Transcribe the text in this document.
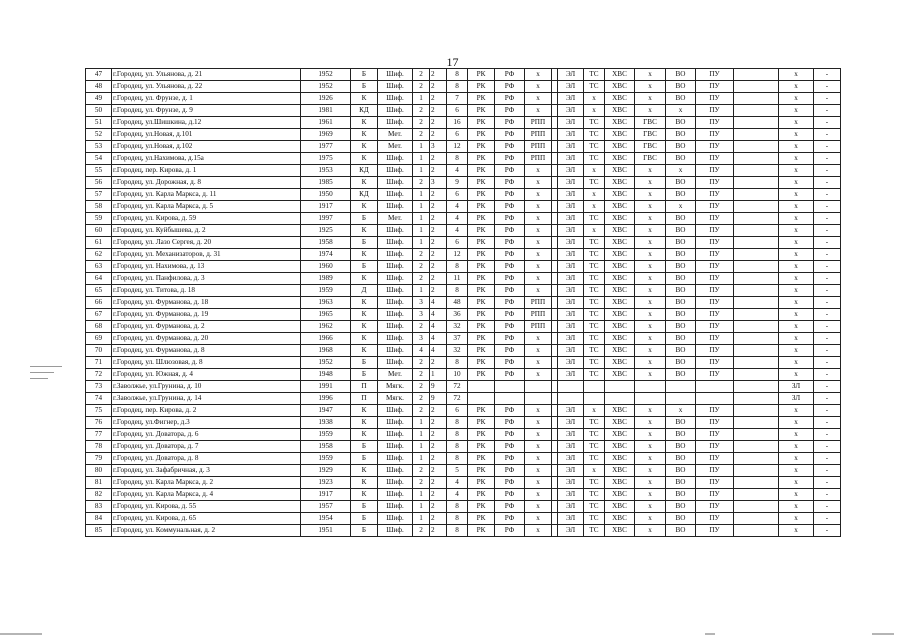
17
47	г.Городец, ул. Ульянова, д. 21	1952	Б	Шиф.	2	2	8	РК	РФ	х		ЭЛ	ТС	ХВС	х	ВО	ПУ		х	-
48	г.Городец, ул. Ульянова, д. 22	1952	Б	Шиф.	2	2	8	РК	РФ	х		ЭЛ	ТС	ХВС	х	ВО	ПУ		х	-
49	г.Городец, ул. Фрунзе, д. 1	1926	К	Шиф.	1	2	7	РК	РФ	х		ЭЛ	х	ХВС	х	ВО	ПУ		х	-
50	г.Городец, ул. Фрунзе, д. 9	1981	КД	Шиф.	2	2	6	РК	РФ	х		ЭЛ	х	ХВС	х	х	ПУ		х	-
51	г.Городец, ул.Шишкина, д.12	1961	К	Шиф.	2	2	16	РК	РФ	РПП		ЭЛ	ТС	ХВС	ГВС	ВО	ПУ		х	-
52	г.Городец, ул.Новая, д.101	1969	К	Мет.	2	2	6	РК	РФ	РПП		ЭЛ	ТС	ХВС	ГВС	ВО	ПУ		х	-
53	г.Городец, ул.Новая, д.102	1977	К	Мет.	1	3	12	РК	РФ	РПП		ЭЛ	ТС	ХВС	ГВС	ВО	ПУ		х	-
54	г.Городец, ул.Нахимова, д.15а	1975	К	Шиф.	1	2	8	РК	РФ	РПП		ЭЛ	ТС	ХВС	ГВС	ВО	ПУ		х	-
55	г.Городец, пер. Кирова, д. 1	1953	КД	Шиф.	1	2	4	РК	РФ	х		ЭЛ	х	ХВС	х	х	ПУ		х	-
56	г.Городец, ул. Дорожная, д. 8	1985	К	Шиф.	2	3	9	РК	РФ	х		ЭЛ	ТС	ХВС	х	ВО	ПУ		х	-
57	г.Городец, ул. Карла Маркса, д. 11	1950	КД	Шиф.	1	2	6	РК	РФ	х		ЭЛ	х	ХВС	х	ВО	ПУ		х	-
58	г.Городец, ул. Карла Маркса, д. 5	1917	К	Шиф.	1	2	4	РК	РФ	х		ЭЛ	х	ХВС	х	х	ПУ		х	-
59	г.Городец, ул. Кирова, д. 59	1997	Б	Мет.	1	2	4	РК	РФ	х		ЭЛ	ТС	ХВС	х	ВО	ПУ		х	-
60	г.Городец, ул. Куйбышева, д. 2	1925	К	Шиф.	1	2	4	РК	РФ	х		ЭЛ	х	ХВС	х	ВО	ПУ		х	-
61	г.Городец, ул. Лазо Сергея, д. 20	1958	Б	Шиф.	1	2	6	РК	РФ	х		ЭЛ	ТС	ХВС	х	ВО	ПУ		х	-
62	г.Городец, ул. Механизаторов, д. 31	1974	К	Шиф.	2	2	12	РК	РФ	х		ЭЛ	ТС	ХВС	х	ВО	ПУ		х	-
63	г.Городец, ул. Нахимова, д. 13	1960	Б	Шиф.	2	2	8	РК	РФ	х		ЭЛ	ТС	ХВС	х	ВО	ПУ		х	-
64	г.Городец, ул. Панфилова, д. 3	1989	К	Шиф.	2	2	11	РК	РФ	х		ЭЛ	ТС	ХВС	х	ВО	ПУ		х	-
65	г.Городец, ул. Титова, д. 18	1959	Д	Шиф.	1	2	8	РК	РФ	х		ЭЛ	ТС	ХВС	х	ВО	ПУ		х	-
66	г.Городец, ул. Фурманова, д. 18	1963	К	Шиф.	3	4	48	РК	РФ	РПП		ЭЛ	ТС	ХВС	х	ВО	ПУ		х	-
67	г.Городец, ул. Фурманова, д. 19	1965	К	Шиф.	3	4	36	РК	РФ	РПП		ЭЛ	ТС	ХВС	х	ВО	ПУ		х	-
68	г.Городец, ул. Фурманова, д. 2	1962	К	Шиф.	2	4	32	РК	РФ	РПП		ЭЛ	ТС	ХВС	х	ВО	ПУ		х	-
69	г.Городец, ул. Фурманова, д. 20	1966	К	Шиф.	3	4	37	РК	РФ	х		ЭЛ	ТС	ХВС	х	ВО	ПУ		х	-
70	г.Городец, ул. Фурманова, д. 8	1968	К	Шиф.	4	4	32	РК	РФ	х		ЭЛ	ТС	ХВС	х	ВО	ПУ		х	-
71	г.Городец, ул. Шлюзовая, д. 8	1952	Б	Шиф.	2	2	8	РК	РФ	х		ЭЛ	ТС	ХВС	х	ВО	ПУ		х	-
72	г.Городец, ул. Южная, д. 4	1948	Б	Мет.	2	1	10	РК	РФ	х		ЭЛ	ТС	ХВС	х	ВО	ПУ		х	-
73	г.Заволжье, ул.Грунина, д. 10	1991	П	Мягк.	2	9	72												ЗЛ	-
74	г.Заволжье, ул.Грунина, д. 14	1996	П	Мягк.	2	9	72												ЗЛ	-
75	г.Городец, пер. Кирова, д. 2	1947	К	Шиф.	2	2	6	РК	РФ	х		ЭЛ	х	ХВС	х	х	ПУ		х	-
76	г.Городец, ул.Фигнер, д.3	1938	К	Шиф.	1	2	8	РК	РФ	х		ЭЛ	ТС	ХВС	х	ВО	ПУ		х	-
77	г.Городец, ул. Доватора, д. 6	1959	К	Шиф.	1	2	8	РК	РФ	х		ЭЛ	ТС	ХВС	х	ВО	ПУ		х	-
78	г.Городец, ул. Доватора, д. 7	1958	Б	Шиф.	1	2	8	РК	РФ	х		ЭЛ	ТС	ХВС	х	ВО	ПУ		х	-
79	г.Городец, ул. Доватора, д. 8	1959	Б	Шиф.	1	2	8	РК	РФ	х		ЭЛ	ТС	ХВС	х	ВО	ПУ		х	-
80	г.Городец, ул. Зафабричная, д. 3	1929	К	Шиф.	2	2	5	РК	РФ	х		ЭЛ	х	ХВС	х	ВО	ПУ		х	-
81	г.Городец, ул. Карла Маркса, д. 2	1923	К	Шиф.	2	2	4	РК	РФ	х		ЭЛ	ТС	ХВС	х	ВО	ПУ		х	-
82	г.Городец, ул. Карла Маркса, д. 4	1917	К	Шиф.	1	2	4	РК	РФ	х		ЭЛ	ТС	ХВС	х	ВО	ПУ		х	-
83	г.Городец, ул. Кирова, д. 55	1957	Б	Шиф.	1	2	8	РК	РФ	х		ЭЛ	ТС	ХВС	х	ВО	ПУ		х	-
84	г.Городец, ул. Кирова, д. 65	1954	Б	Шиф.	1	2	8	РК	РФ	х		ЭЛ	ТС	ХВС	х	ВО	ПУ		х	-
85	г.Городец, ул. Коммунальная, д. 2	1951	Б	Шиф.	2	2	8	РК	РФ	х		ЭЛ	ТС	ХВС	х	ВО	ПУ		х	-
